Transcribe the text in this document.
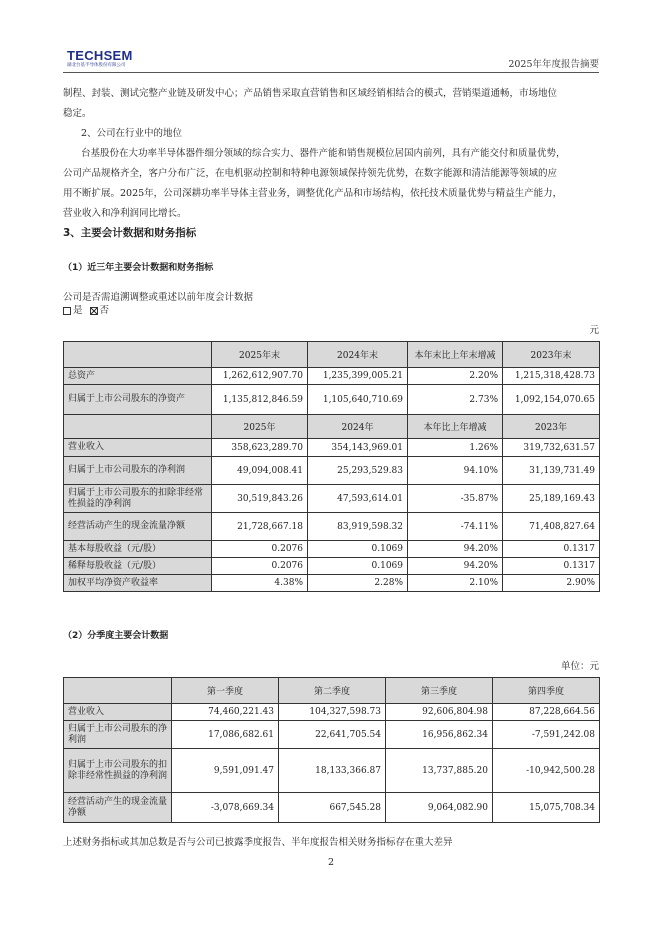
TECHSEM
湖北台基半导体股份有限公司	2025年年度报告摘要
制程、封装、测试完整产业链及研发中心；产品销售采取直营销售和区域经销相结合的模式，营销渠道通畅，市场地位
稳定。
2、公司在行业中的地位
台基股份在大功率半导体器件细分领域的综合实力、器件产能和销售规模位居国内前列，具有产能交付和质量优势，
公司产品规格齐全，客户分布广泛，在电机驱动控制和特种电源领域保持领先优势，在数字能源和清洁能源等领域的应
用不断扩展。2025年，公司深耕功率半导体主营业务，调整优化产品和市场结构，依托技术质量优势与精益生产能力，
营业收入和净利润同比增长。
3、主要会计数据和财务指标
（1）近三年主要会计数据和财务指标
公司是否需追溯调整或重述以前年度会计数据
是 否
元
	2025年末	2024年末	本年末比上年末增减	2023年末
总资产	1,262,612,907.70	1,235,399,005.21	2.20%	1,215,318,428.73
归属于上市公司股东的净资产	1,135,812,846.59	1,105,640,710.69	2.73%	1,092,154,070.65
	2025年	2024年	本年比上年增减	2023年
营业收入	358,623,289.70	354,143,969.01	1.26%	319,732,631.57
归属于上市公司股东的净利润	49,094,008.41	25,293,529.83	94.10%	31,139,731.49
归属于上市公司股东的扣除非经常性损益的净利润	30,519,843.26	47,593,614.01	-35.87%	25,189,169.43
经营活动产生的现金流量净额	21,728,667.18	83,919,598.32	-74.11%	71,408,827.64
基本每股收益（元/股）	0.2076	0.1069	94.20%	0.1317
稀释每股收益（元/股）	0.2076	0.1069	94.20%	0.1317
加权平均净资产收益率	4.38%	2.28%	2.10%	2.90%
（2）分季度主要会计数据
单位：元
	第一季度	第二季度	第三季度	第四季度
营业收入	74,460,221.43	104,327,598.73	92,606,804.98	87,228,664.56
归属于上市公司股东的净利润	17,086,682.61	22,641,705.54	16,956,862.34	-7,591,242.08
归属于上市公司股东的扣除非经常性损益的净利润	9,591,091.47	18,133,366.87	13,737,885.20	-10,942,500.28
经营活动产生的现金流量净额	-3,078,669.34	667,545.28	9,064,082.90	15,075,708.34
上述财务指标或其加总数是否与公司已披露季度报告、半年度报告相关财务指标存在重大差异
2
